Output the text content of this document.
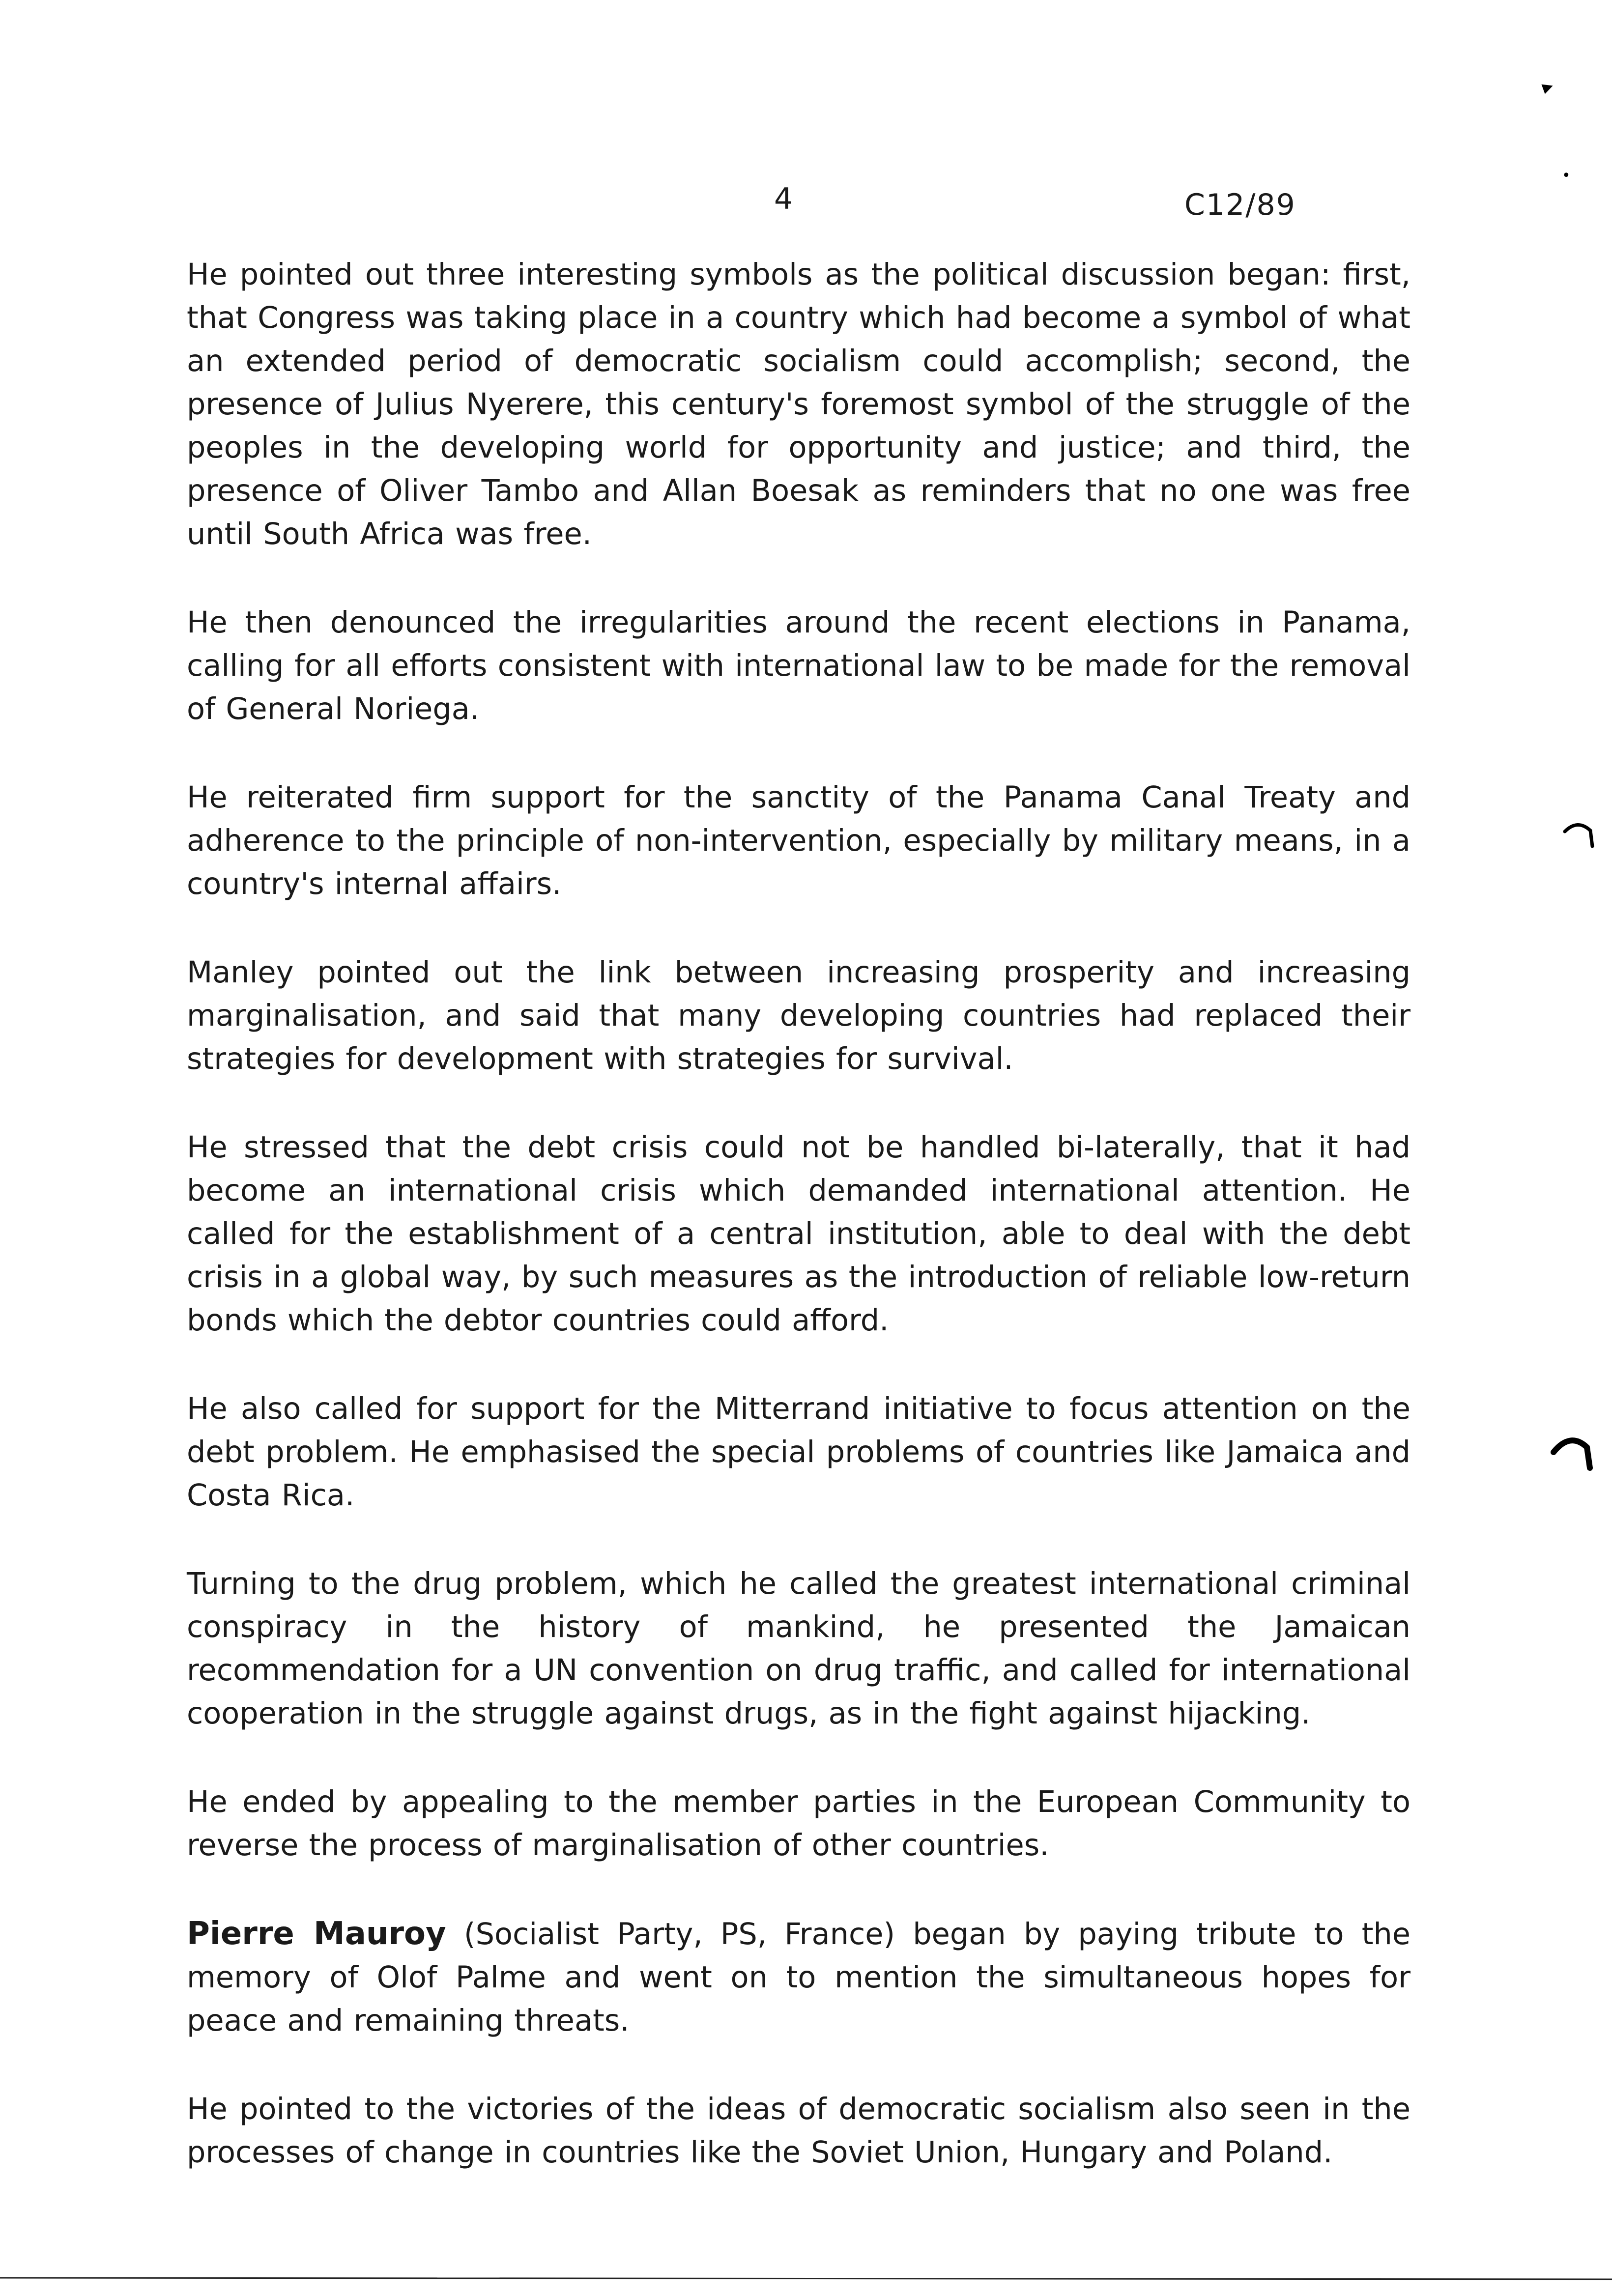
4	C12/89
▸
•

He pointed out three interesting symbols as the political discussion began: first, that Congress was taking place in a country which had become a symbol of what an extended period of democratic socialism could accomplish; second, the presence of Julius Nyerere, this century's foremost symbol of the struggle of the peoples in the developing world for opportunity and justice; and third, the presence of Oliver Tambo and Allan Boesak as reminders that no one was free until South Africa was free.

He then denounced the irregularities around the recent elections in Panama, calling for all efforts consistent with international law to be made for the removal of General Noriega.

He reiterated firm support for the sanctity of the Panama Canal Treaty and adherence to the principle of non-intervention, especially by military means, in a country's internal affairs.

Manley pointed out the link between increasing prosperity and increasing marginalisation, and said that many developing countries had replaced their strategies for development with strategies for survival.

He stressed that the debt crisis could not be handled bi-laterally, that it had become an international crisis which demanded international attention. He called for the establishment of a central institution, able to deal with the debt crisis in a global way, by such measures as the introduction of reliable low-return bonds which the debtor countries could afford.

He also called for support for the Mitterrand initiative to focus attention on the debt problem. He emphasised the special problems of countries like Jamaica and Costa Rica.

Turning to the drug problem, which he called the greatest international criminal conspiracy in the history of mankind, he presented the Jamaican recommendation for a UN convention on drug traffic, and called for international cooperation in the struggle against drugs, as in the fight against hijacking.

He ended by appealing to the member parties in the European Community to reverse the process of marginalisation of other countries.

Pierre Mauroy (Socialist Party, PS, France) began by paying tribute to the memory of Olof Palme and went on to mention the simultaneous hopes for peace and remaining threats.

He pointed to the victories of the ideas of democratic socialism also seen in the processes of change in countries like the Soviet Union, Hungary and Poland.
